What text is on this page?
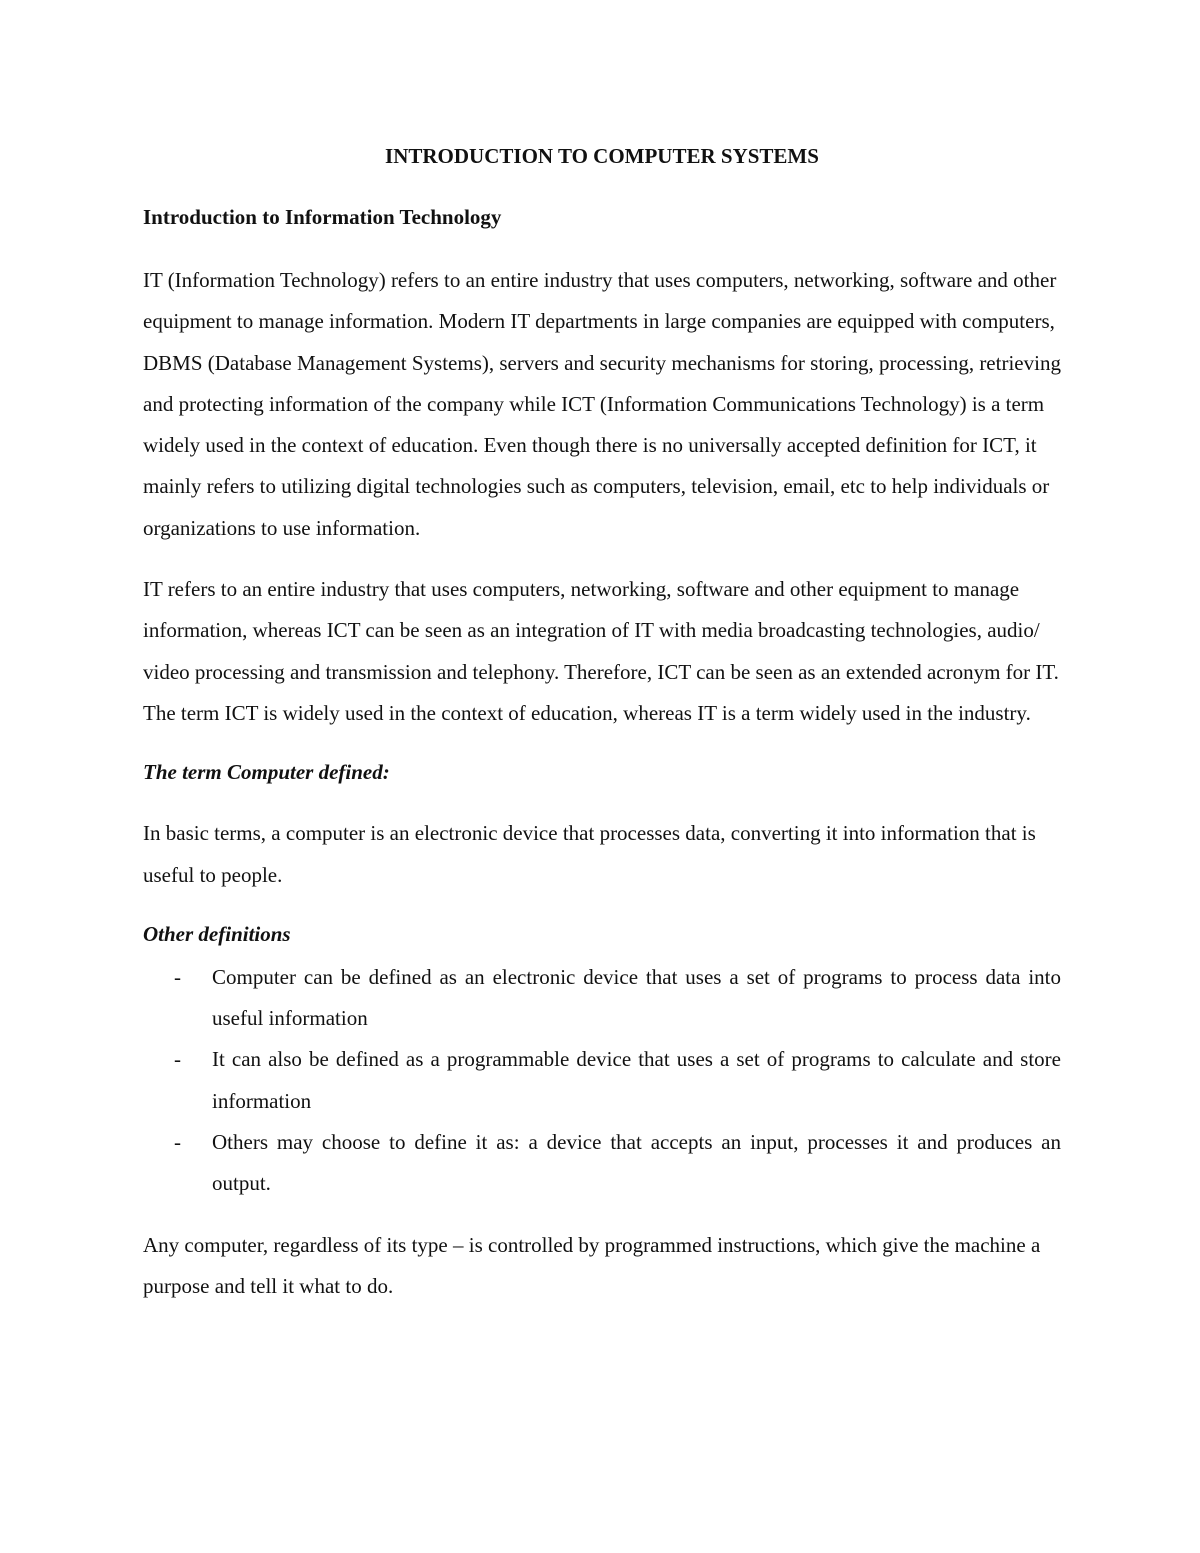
INTRODUCTION TO COMPUTER SYSTEMS
Introduction to Information Technology

IT (Information Technology) refers to an entire industry that uses computers, networking, software and other equipment to manage information. Modern IT departments in large companies are equipped with computers, DBMS (Database Management Systems), servers and security mechanisms for storing, processing, retrieving and protecting information of the company while ICT (Information Communications Technology) is a term widely used in the context of education. Even though there is no universally accepted definition for ICT, it mainly refers to utilizing digital technologies such as computers, television, email, etc to help individuals or organizations to use information.

IT refers to an entire industry that uses computers, networking, software and other equipment to manage information, whereas ICT can be seen as an integration of IT with media broadcasting technologies, audio/ video processing and transmission and telephony. Therefore, ICT can be seen as an extended acronym for IT. The term ICT is widely used in the context of education, whereas IT is a term widely used in the industry.

The term Computer defined:

In basic terms, a computer is an electronic device that processes data, converting it into information that is useful to people.

Other definitions
- Computer can be defined as an electronic device that uses a set of programs to process data into useful information
- It can also be defined as a programmable device that uses a set of programs to calculate and store information
- Others may choose to define it as: a device that accepts an input, processes it and produces an output.

Any computer, regardless of its type – is controlled by programmed instructions, which give the machine a purpose and tell it what to do.
